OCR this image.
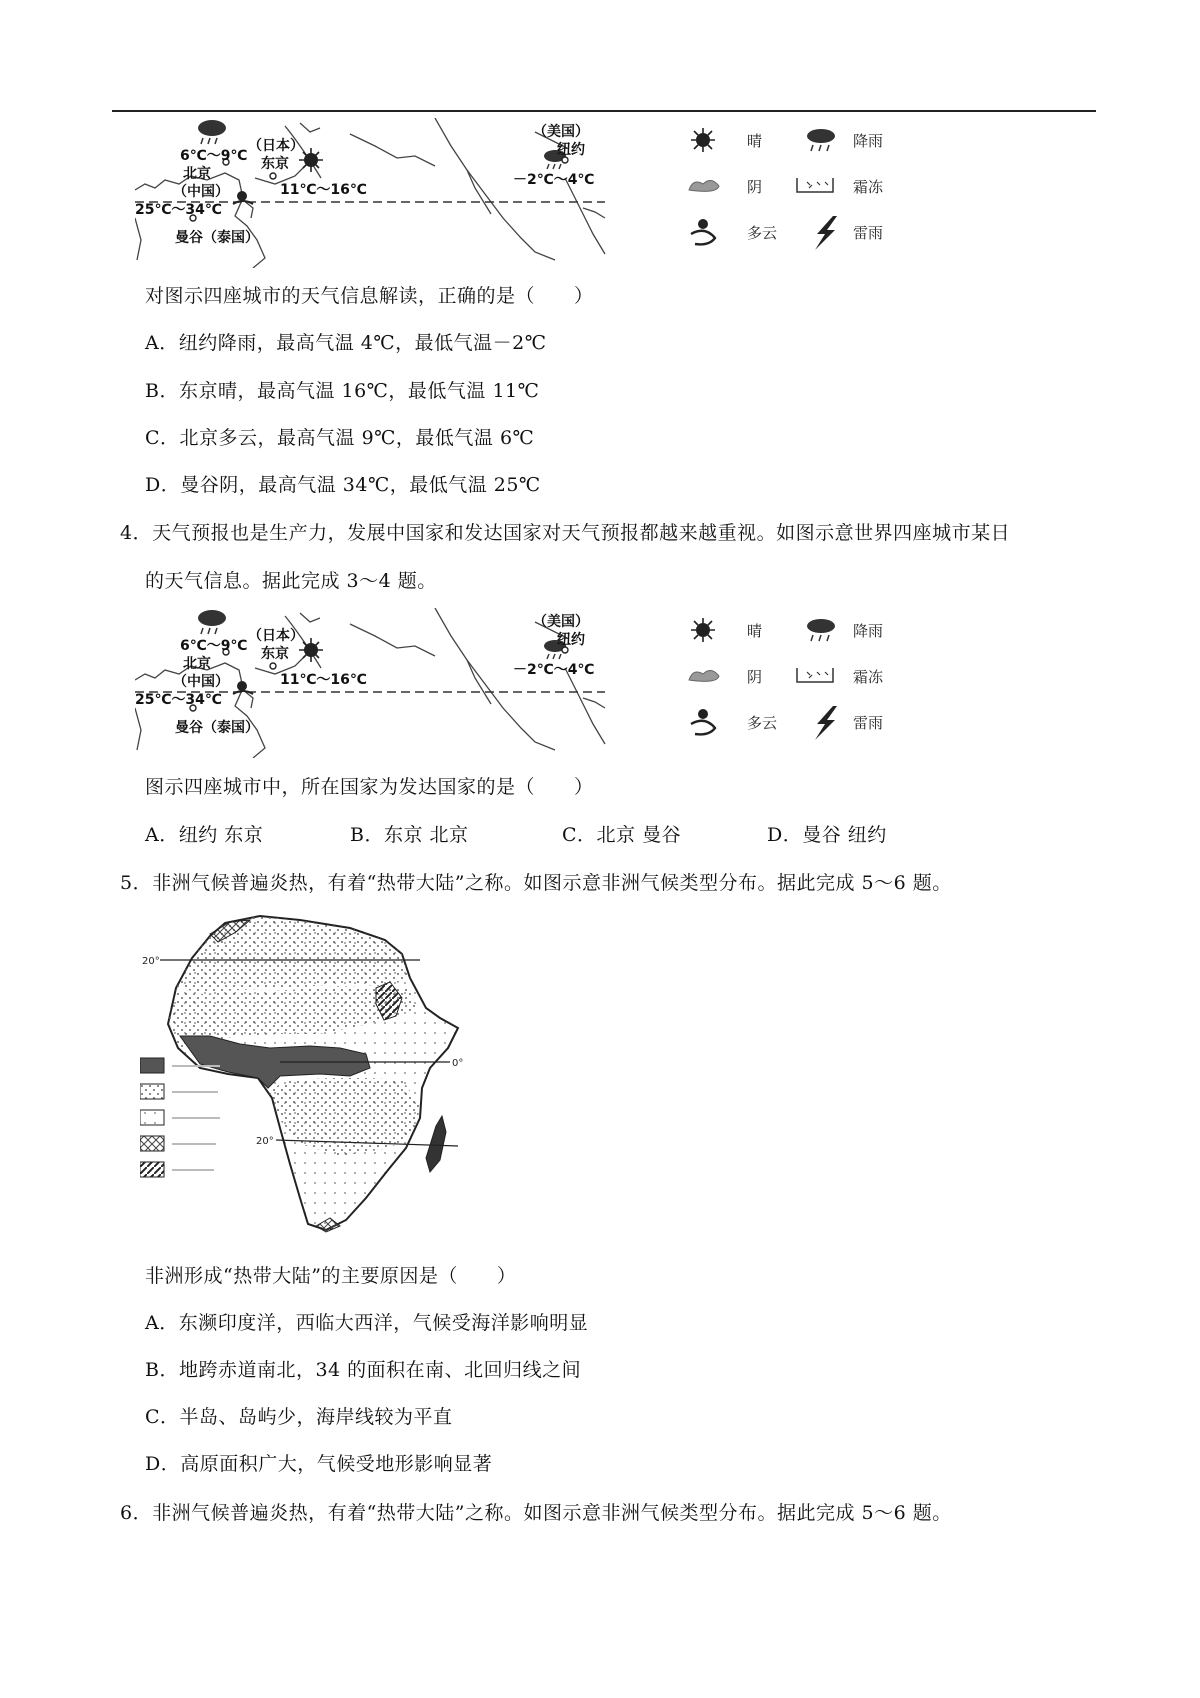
6℃～9℃
北京
（中国）
（日本）
东京
11℃～16℃
25℃～34℃
曼谷（泰国）
（美国）
纽约
－2℃～4℃
晴	降雨
阴	霜冻
多云	雷雨
对图示四座城市的天气信息解读，正确的是（　　）
A．纽约降雨，最高气温 4℃，最低气温－2℃
B．东京晴，最高气温 16℃，最低气温 11℃
C．北京多云，最高气温 9℃，最低气温 6℃
D．曼谷阴，最高气温 34℃，最低气温 25℃
4．天气预报也是生产力，发展中国家和发达国家对天气预报都越来越重视。如图示意世界四座城市某日
的天气信息。据此完成 3～4 题。
6℃～9℃
北京
（中国）
（日本）
东京
11℃～16℃
25℃～34℃
曼谷（泰国）
（美国）
纽约
－2℃～4℃
晴	降雨
阴	霜冻
多云	雷雨
图示四座城市中，所在国家为发达国家的是（　　）
A．纽约 东京	B．东京 北京	C．北京 曼谷	D．曼谷 纽约
5．非洲气候普遍炎热，有着“热带大陆”之称。如图示意非洲气候类型分布。据此完成 5～6 题。
20°
0°
20°
非洲形成“热带大陆”的主要原因是（　　）
A．东濒印度洋，西临大西洋，气候受海洋影响明显
B．地跨赤道南北，34 的面积在南、北回归线之间
C．半岛、岛屿少，海岸线较为平直
D．高原面积广大，气候受地形影响显著
6．非洲气候普遍炎热，有着“热带大陆”之称。如图示意非洲气候类型分布。据此完成 5～6 题。
